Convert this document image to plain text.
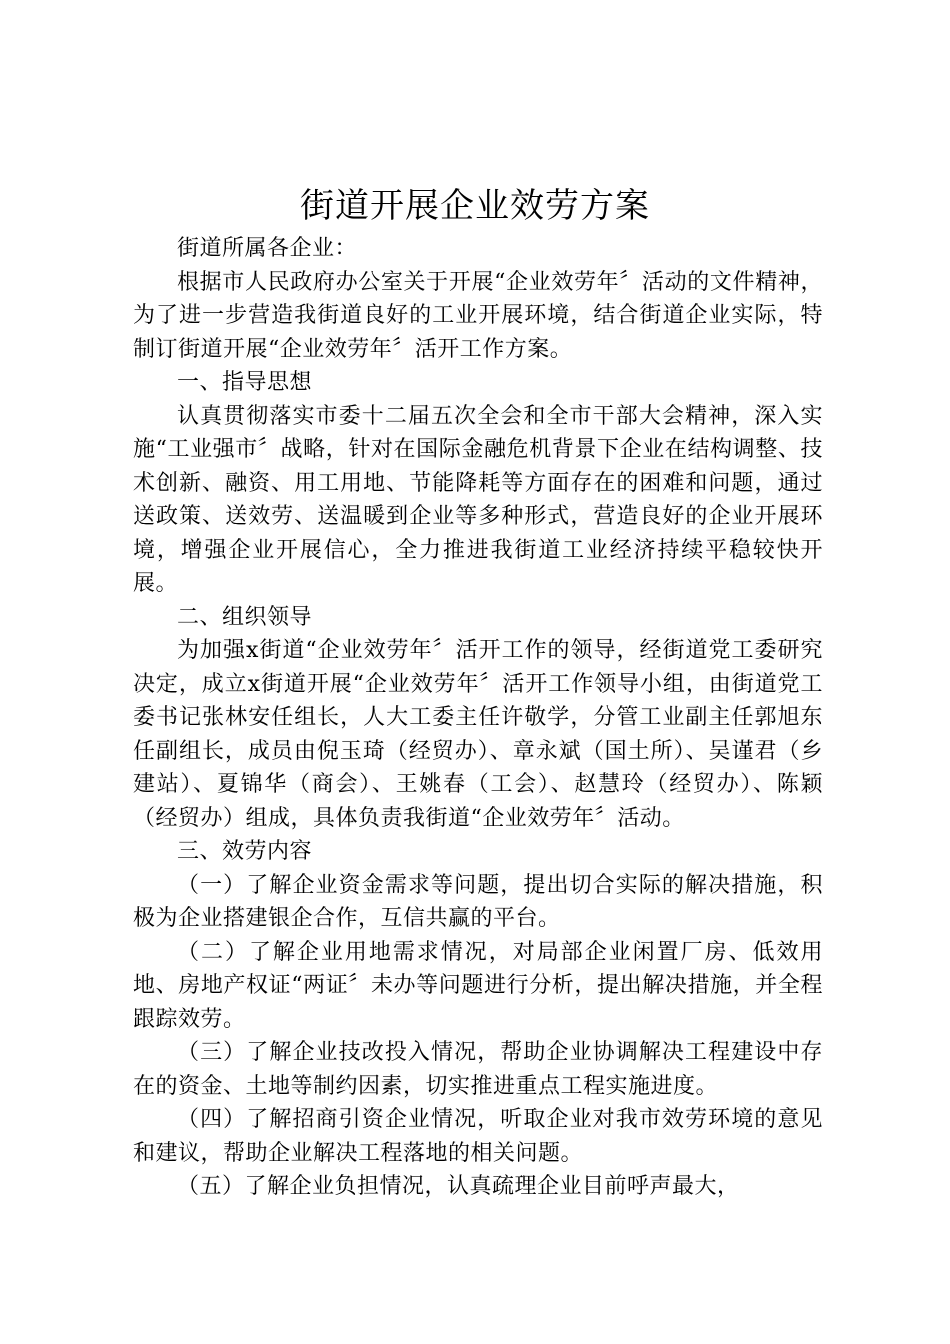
街道开展企业效劳方案

街道所属各企业：

根据市人民政府办公室关于开展“企业效劳年〞活动的文件精神，为了进一步营造我街道良好的工业开展环境，结合街道企业实际，特制订街道开展“企业效劳年〞活开工作方案。

一、指导思想

认真贯彻落实市委十二届五次全会和全市干部大会精神，深入实施“工业强市〞战略，针对在国际金融危机背景下企业在结构调整、技术创新、融资、用工用地、节能降耗等方面存在的困难和问题，通过送政策、送效劳、送温暖到企业等多种形式，营造良好的企业开展环境，增强企业开展信心，全力推进我街道工业经济持续平稳较快开展。

二、组织领导

为加强x街道“企业效劳年〞活开工作的领导，经街道党工委研究决定，成立x街道开展“企业效劳年〞活开工作领导小组，由街道党工委书记张林安任组长，人大工委主任许敬学，分管工业副主任郭旭东任副组长，成员由倪玉琦（经贸办）、章永斌（国土所）、吴谨君（乡建站）、夏锦华（商会）、王姚春（工会）、赵慧玲（经贸办）、陈颖（经贸办）组成，具体负责我街道“企业效劳年〞活动。

三、效劳内容

（一）了解企业资金需求等问题，提出切合实际的解决措施，积极为企业搭建银企合作，互信共赢的平台。

（二）了解企业用地需求情况，对局部企业闲置厂房、低效用地、房地产权证“两证〞未办等问题进行分析，提出解决措施，并全程跟踪效劳。

（三）了解企业技改投入情况，帮助企业协调解决工程建设中存在的资金、土地等制约因素，切实推进重点工程实施进度。

（四）了解招商引资企业情况，听取企业对我市效劳环境的意见和建议，帮助企业解决工程落地的相关问题。

（五）了解企业负担情况，认真疏理企业目前呼声最大，
